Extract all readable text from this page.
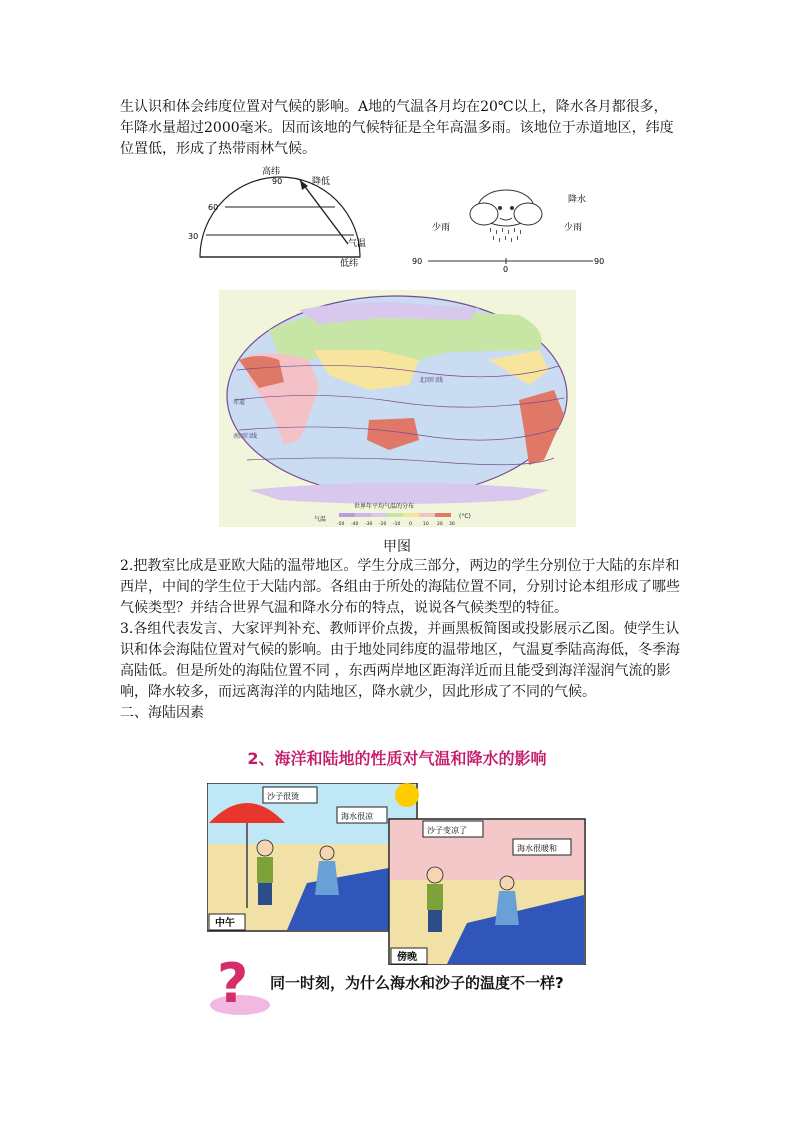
生认识和体会纬度位置对气候的影响。A地的气温各月均在20℃以上，降水各月都很多，年降水量超过2000毫米。因而该地的气候特征是全年高温多雨。该地位于赤道地区，纬度位置低，形成了热带雨林气候。

高纬
90
60
30
低纬
气温
降低
降水
少雨	少雨
90
0
90
赤道
北回归线
南回归线
世界年平均气温的分布
气温	(°C)
-50 -40 -30 -20 -10 0 10 20 30
甲图

2.把教室比成是亚欧大陆的温带地区。学生分成三部分，两边的学生分别位于大陆的东岸和西岸，中间的学生位于大陆内部。各组由于所处的海陆位置不同，分别讨论本组形成了哪些气候类型？并结合世界气温和降水分布的特点，说说各气候类型的特征。

3.各组代表发言、大家评判补充、教师评价点拨，并画黑板简图或投影展示乙图。使学生认识和体会海陆位置对气候的影响。由于地处同纬度的温带地区，气温夏季陆高海低，冬季海高陆低。但是所处的海陆位置不同 ，东西两岸地区距海洋近而且能受到海洋湿润气流的影响，降水较多，而远离海洋的内陆地区，降水就少，因此形成了不同的气候。

二、海陆因素

2、海洋和陆地的性质对气温和降水的影响
沙子很烫
海水很凉
中午
沙子变凉了
海水很暖和
傍晚
? 同一时刻，为什么海水和沙子的温度不一样?
